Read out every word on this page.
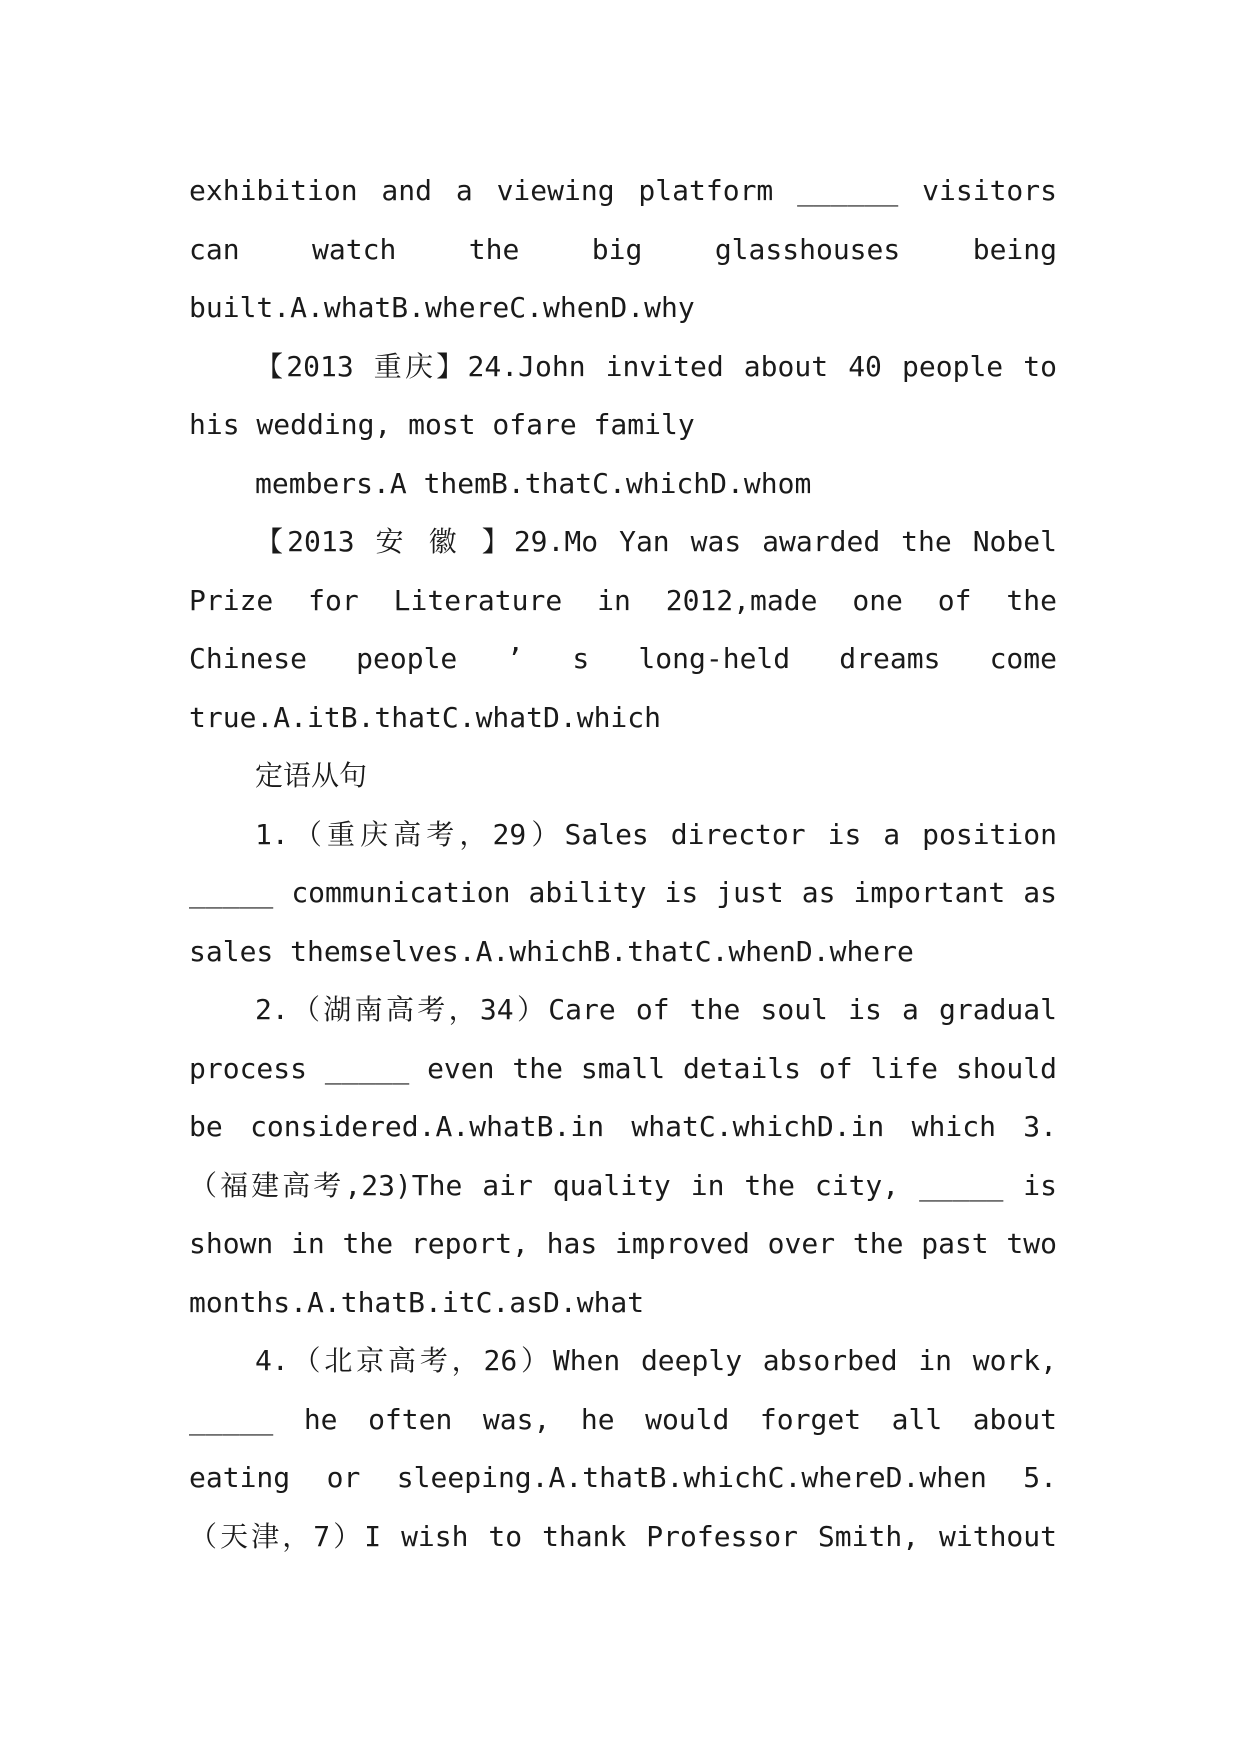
exhibition and a viewing platform ______ visitors
can watch the big glasshouses being
built.A.whatB.whereC.whenD.why
【2013 重庆】24.John invited about 40 people to
his wedding, most ofare family
members.A themB.thatC.whichD.whom
【2013 安 徽 】29.Mo Yan was awarded the Nobel
Prize for Literature in 2012,made one of the
Chinese people ’ s long-held dreams come
true.A.itB.thatC.whatD.which
定语从句
1.（重庆高考，29）Sales director is a position
_____ communication ability is just as important as
sales themselves.A.whichB.thatC.whenD.where
2.（湖南高考，34）Care of the soul is a gradual
process _____ even the small details of life should
be considered.A.whatB.in whatC.whichD.in which 3.
（福建高考,23)The air quality in the city, _____ is
shown in the report, has improved over the past two
months.A.thatB.itC.asD.what
4.（北京高考，26）When deeply absorbed in work,
_____ he often was, he would forget all about
eating or sleeping.A.thatB.whichC.whereD.when 5.
（天津，7）I wish to thank Professor Smith, without
